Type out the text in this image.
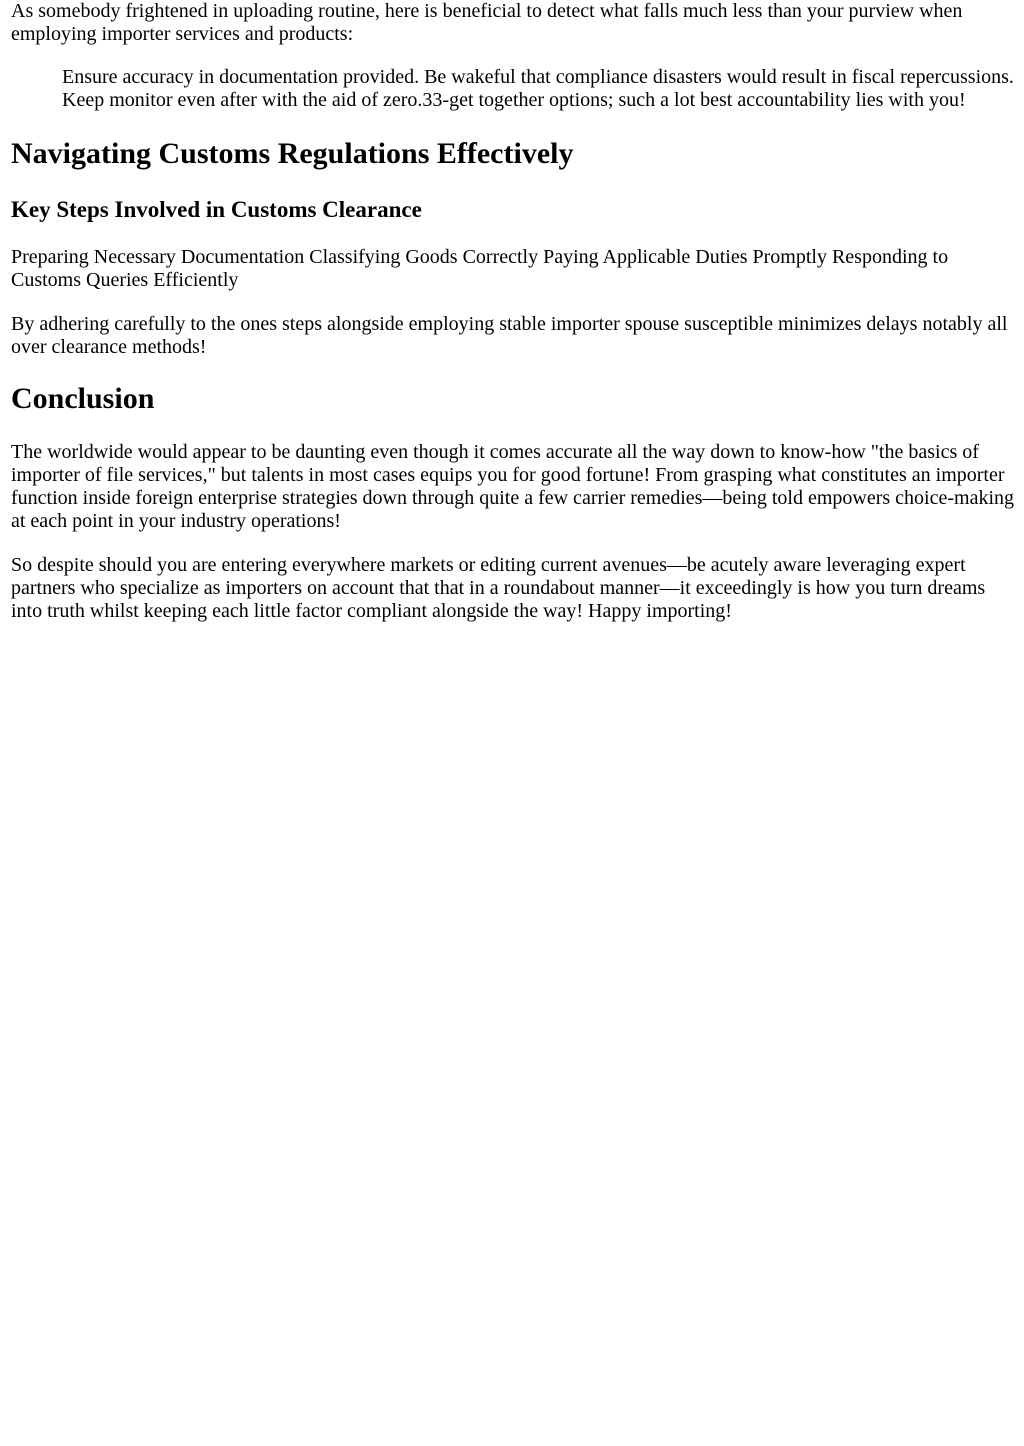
As somebody frightened in uploading routine, here is beneficial to detect what falls much less than your purview when employing importer services and products:

Ensure accuracy in documentation provided. Be wakeful that compliance disasters would result in fiscal repercussions. Keep monitor even after with the aid of zero.33-get together options; such a lot best accountability lies with you!
Navigating Customs Regulations Effectively
Key Steps Involved in Customs Clearance

Preparing Necessary Documentation Classifying Goods Correctly Paying Applicable Duties Promptly Responding to Customs Queries Efficiently

By adhering carefully to the ones steps alongside employing stable importer spouse susceptible minimizes delays notably all over clearance methods!

Conclusion

The worldwide would appear to be daunting even though it comes accurate all the way down to know-how "the basics of importer of file services," but talents in most cases equips you for good fortune! From grasping what constitutes an importer function inside foreign enterprise strategies down through quite a few carrier remedies—being told empowers choice-making at each point in your industry operations!

So despite should you are entering everywhere markets or editing current avenues—be acutely aware leveraging expert partners who specialize as importers on account that that in a roundabout manner—it exceedingly is how you turn dreams into truth whilst keeping each little factor compliant alongside the way! Happy importing!
